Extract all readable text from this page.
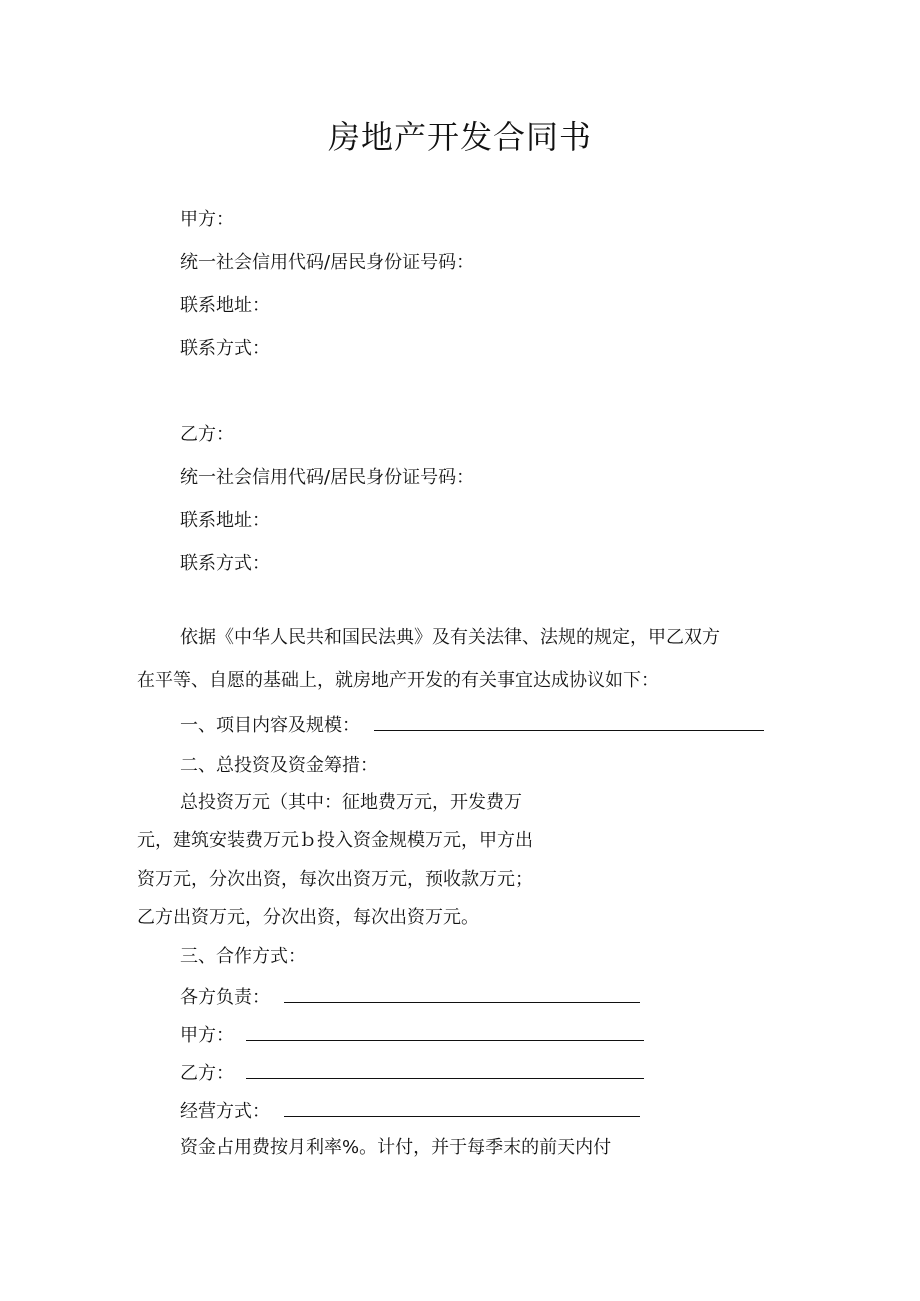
房地产开发合同书
甲方：
统一社会信用代码/居民身份证号码：
联系地址：
联系方式：
乙方：
统一社会信用代码/居民身份证号码：
联系地址：
联系方式：
依据《中华人民共和国民法典》及有关法律、法规的规定，甲乙双方
在平等、自愿的基础上，就房地产开发的有关事宜达成协议如下：
一、项目内容及规模：
二、总投资及资金筹措：
总投资万元（其中：征地费万元，开发费万
元，建筑安装费万元ｂ投入资金规模万元，甲方出
资万元，分次出资，每次出资万元，预收款万元；
乙方出资万元，分次出资，每次出资万元。
三、合作方式：
各方负责：
甲方：
乙方：
经营方式：
资金占用费按月利率%。计付，并于每季末的前天内付
